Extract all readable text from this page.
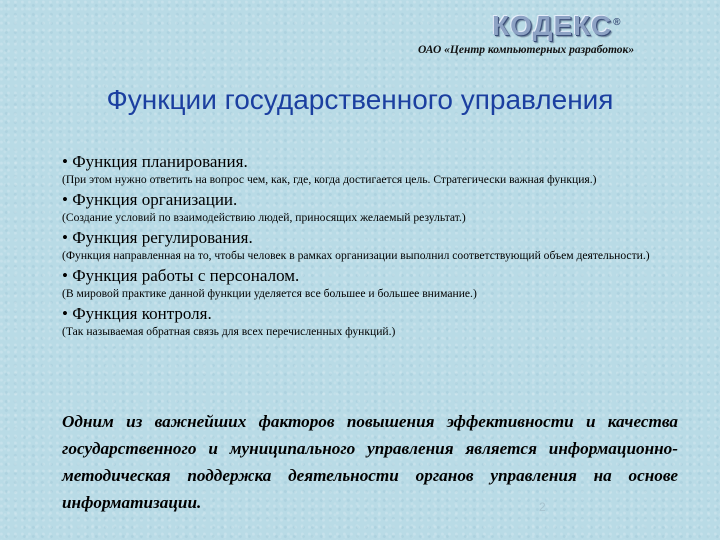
КОДЕКС®
ОАО «Центр компьютерных разработок»
Функции государственного управления
• Функция планирования.
(При этом нужно ответить на вопрос чем, как, где, когда достигается цель. Стратегически важная функция.)
• Функция организации.
(Создание условий по взаимодействию людей, приносящих желаемый результат.)
• Функция регулирования.
(Функция направленная на то, чтобы человек в рамках организации выполнил соответствующий объем деятельности.)
• Функция работы с персоналом.
(В мировой практике данной функции уделяется все большее и большее внимание.)
• Функция контроля.
(Так называемая обратная связь для всех перечисленных функций.)
Одним из важнейших факторов повышения эффективности и качества государственного и муниципального управления является информационно-методическая поддержка деятельности органов управления на основе информатизации.	2
